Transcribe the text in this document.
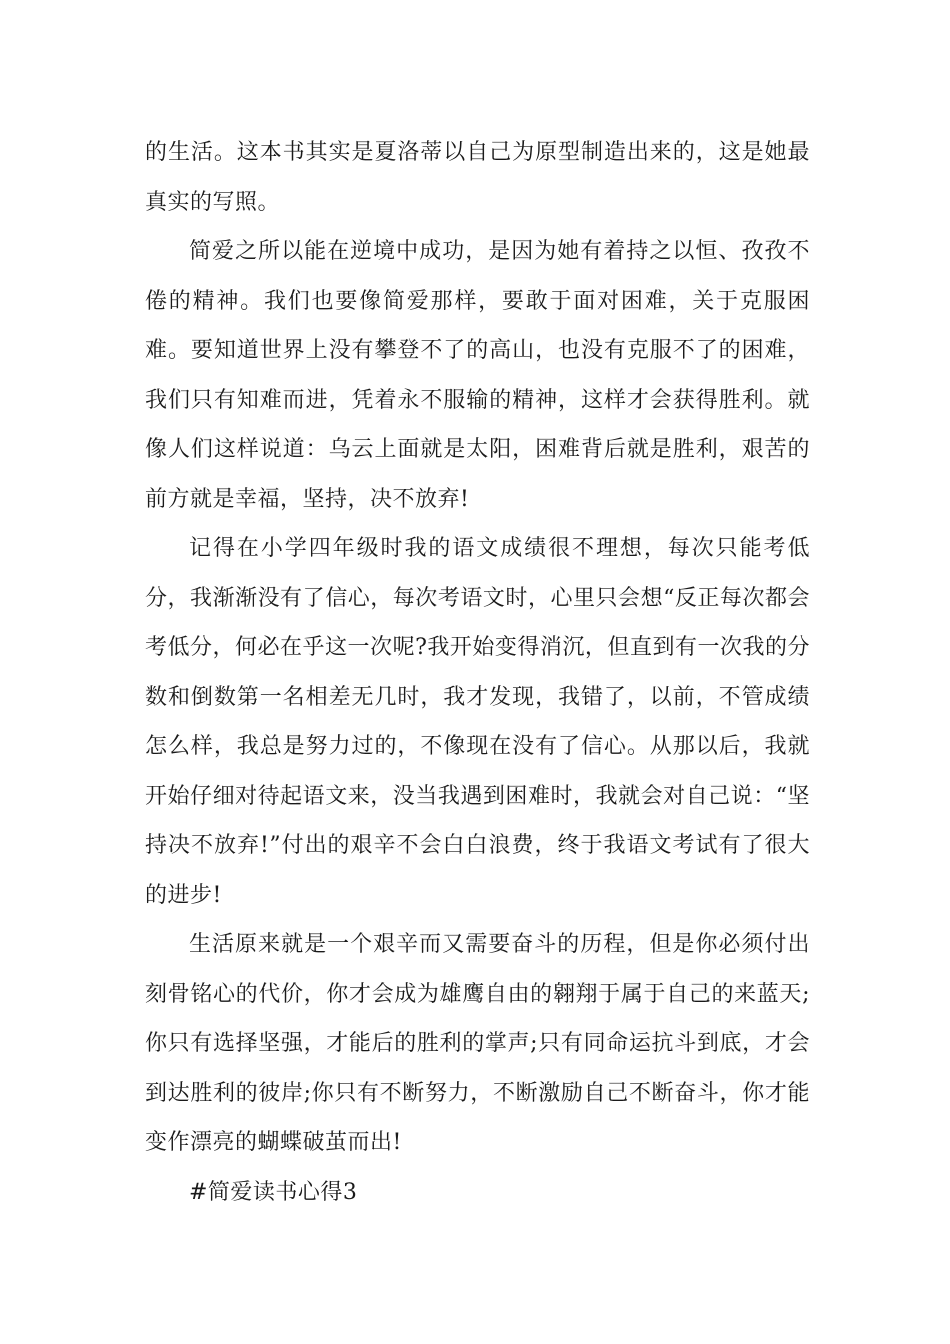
的生活。这本书其实是夏洛蒂以自己为原型制造出来的，这是她最真实的写照。

简爱之所以能在逆境中成功，是因为她有着持之以恒、孜孜不倦的精神。我们也要像简爱那样，要敢于面对困难，关于克服困难。要知道世界上没有攀登不了的高山，也没有克服不了的困难，我们只有知难而进，凭着永不服输的精神，这样才会获得胜利。就像人们这样说道：乌云上面就是太阳，困难背后就是胜利，艰苦的前方就是幸福，坚持，决不放弃!

记得在小学四年级时我的语文成绩很不理想，每次只能考低分，我渐渐没有了信心，每次考语文时，心里只会想“反正每次都会考低分，何必在乎这一次呢?我开始变得消沉，但直到有一次我的分数和倒数第一名相差无几时，我才发现，我错了，以前，不管成绩怎么样，我总是努力过的，不像现在没有了信心。从那以后，我就开始仔细对待起语文来，没当我遇到困难时，我就会对自己说：“坚持决不放弃!”付出的艰辛不会白白浪费，终于我语文考试有了很大的进步!

生活原来就是一个艰辛而又需要奋斗的历程，但是你必须付出刻骨铭心的代价，你才会成为雄鹰自由的翱翔于属于自己的来蓝天;你只有选择坚强，才能后的胜利的掌声;只有同命运抗斗到底，才会到达胜利的彼岸;你只有不断努力，不断激励自己不断奋斗，你才能变作漂亮的蝴蝶破茧而出!

#简爱读书心得3
